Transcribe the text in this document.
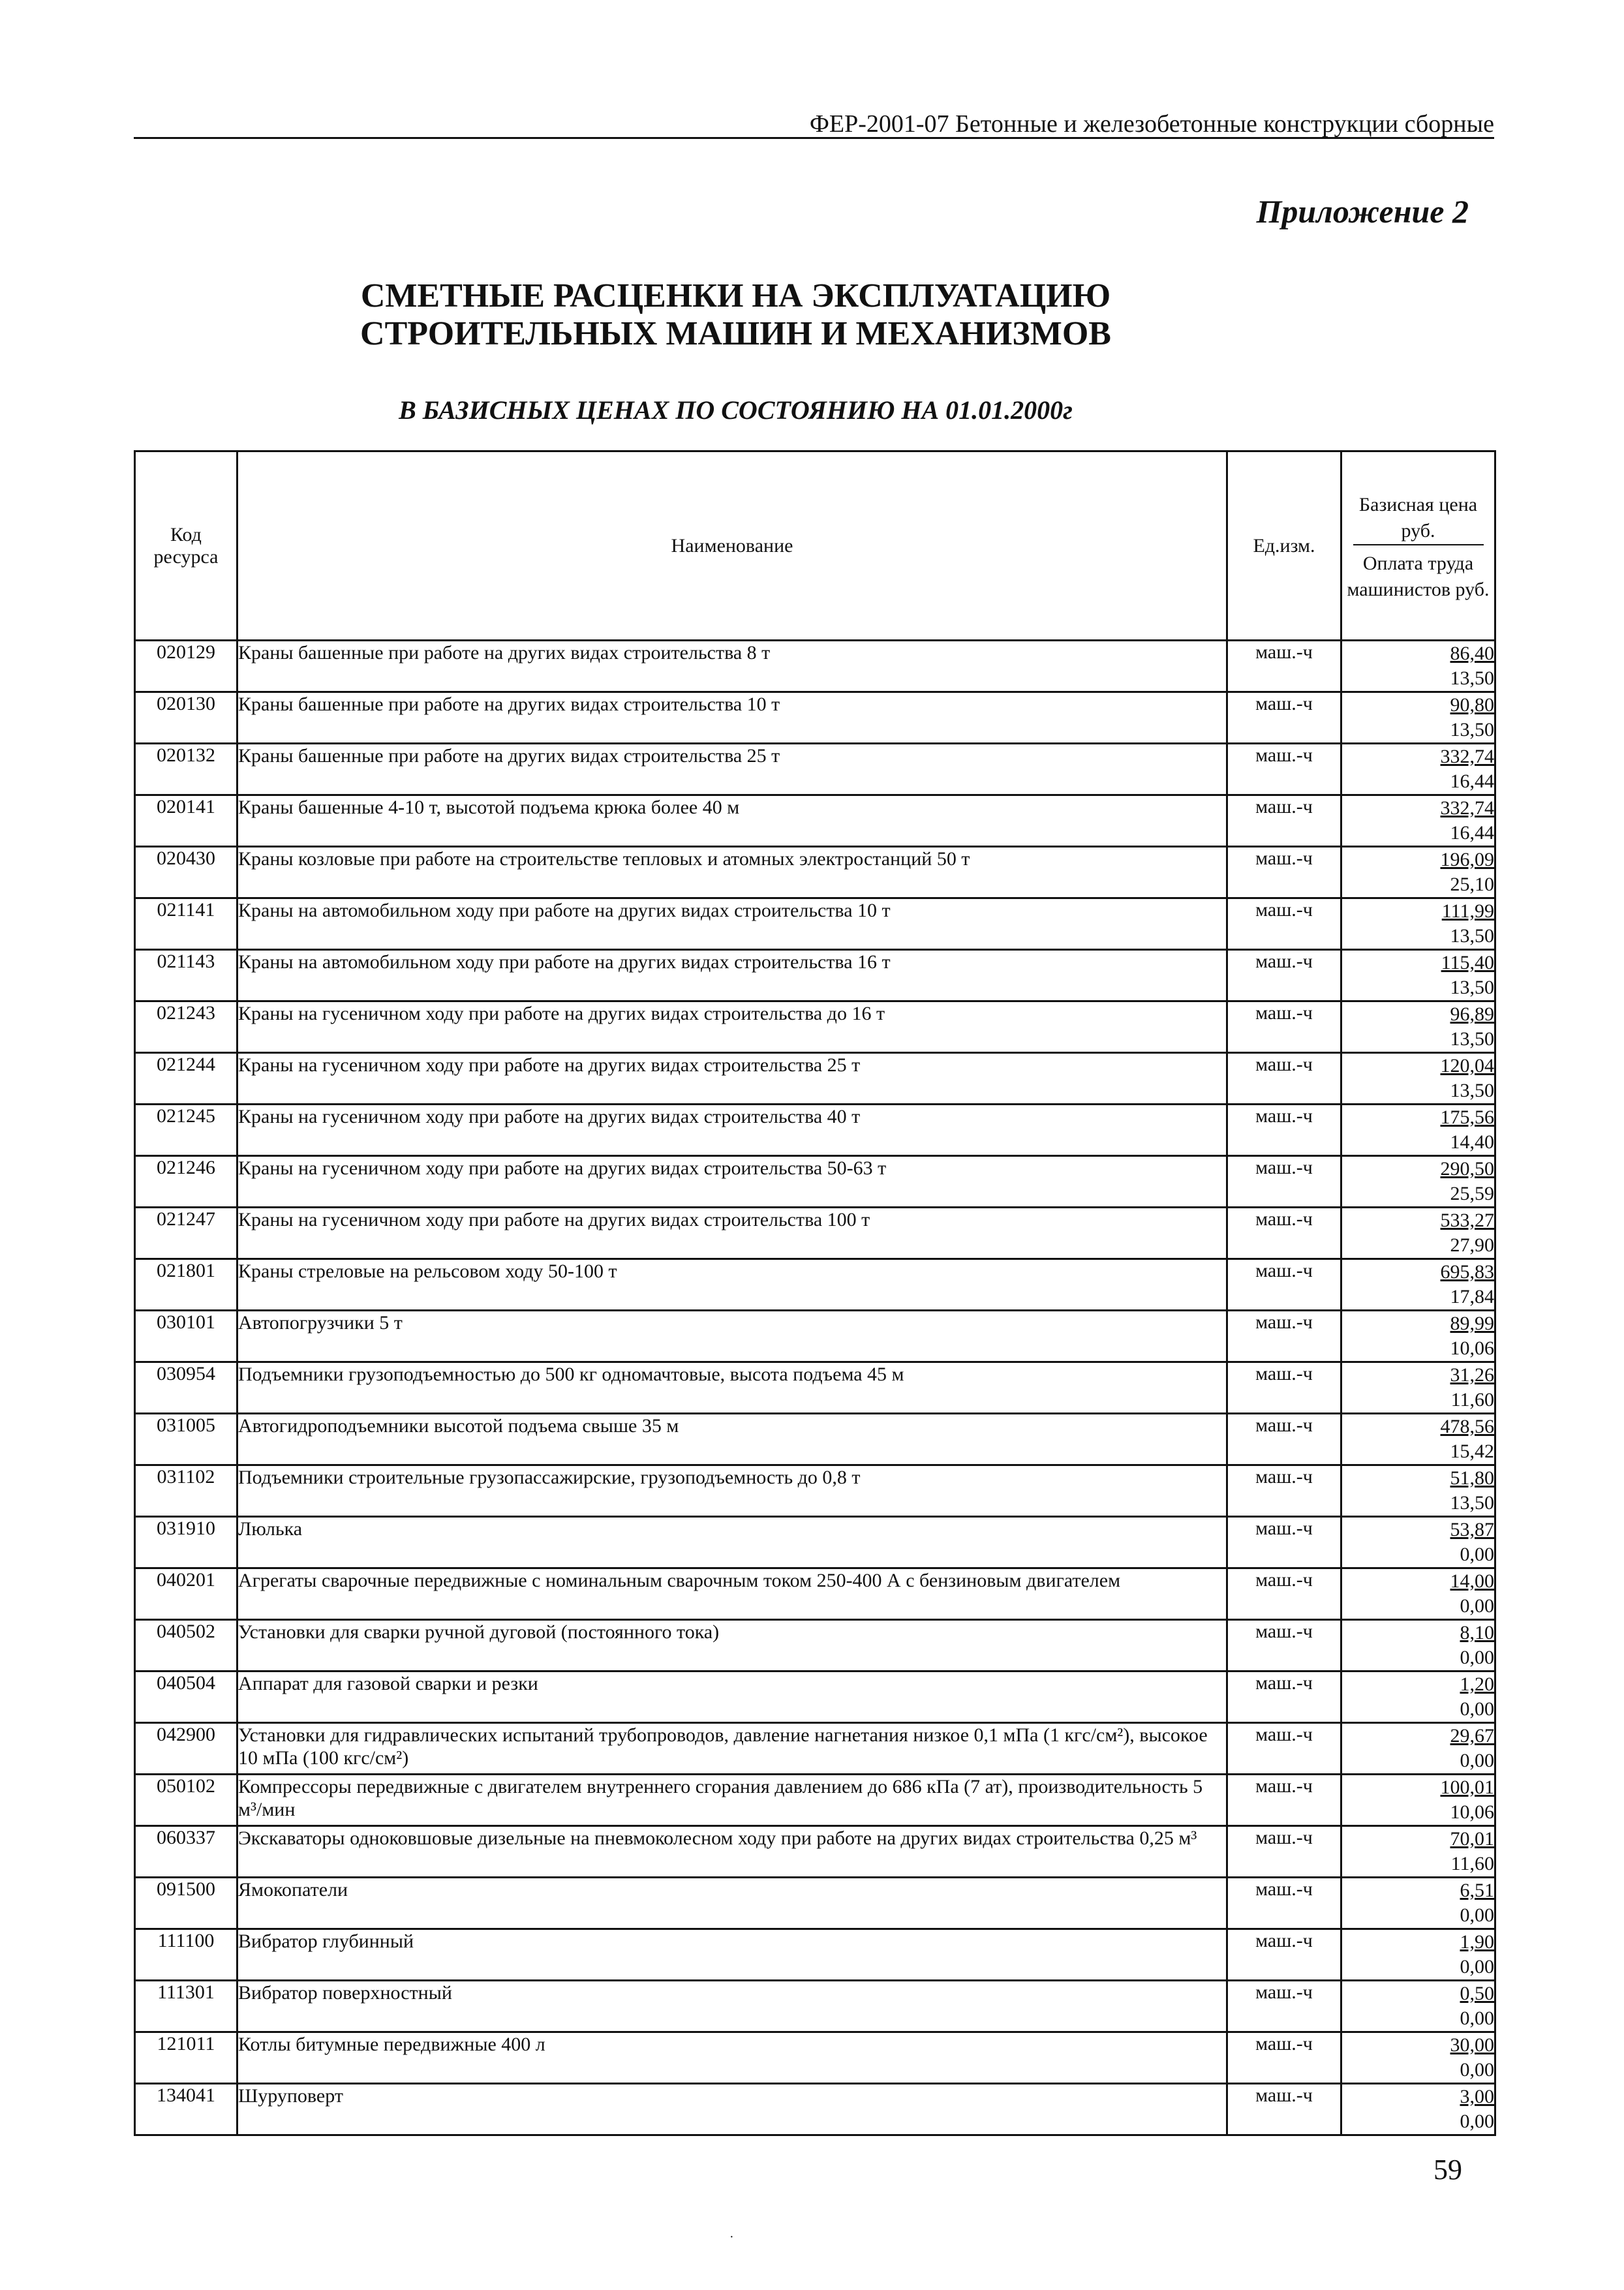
ФЕР-2001-07 Бетонные и железобетонные конструкции сборные
Приложение 2
СМЕТНЫЕ РАСЦЕНКИ НА ЭКСПЛУАТАЦИЮ
СТРОИТЕЛЬНЫХ МАШИН И МЕХАНИЗМОВ
В БАЗИСНЫХ ЦЕНАХ ПО СОСТОЯНИЮ НА 01.01.2000г
Код ресурса	Наименование	Ед.изм.	Базисная цена руб.
Оплата труда машинистов руб.

020129	Краны башенные при работе на других видах строительства 8 т	маш.-ч	86,40
13,50

020130	Краны башенные при работе на других видах строительства 10 т	маш.-ч	90,80
13,50

020132	Краны башенные при работе на других видах строительства 25 т	маш.-ч	332,74
16,44

020141	Краны башенные 4-10 т, высотой подъема крюка более 40 м	маш.-ч	332,74
16,44

020430	Краны козловые при работе на строительстве тепловых и атомных электростанций 50 т	маш.-ч	196,09
25,10

021141	Краны на автомобильном ходу при работе на других видах строительства 10 т	маш.-ч	111,99
13,50

021143	Краны на автомобильном ходу при работе на других видах строительства 16 т	маш.-ч	115,40
13,50

021243	Краны на гусеничном ходу при работе на других видах строительства до 16 т	маш.-ч	96,89
13,50

021244	Краны на гусеничном ходу при работе на других видах строительства 25 т	маш.-ч	120,04
13,50

021245	Краны на гусеничном ходу при работе на других видах строительства 40 т	маш.-ч	175,56
14,40

021246	Краны на гусеничном ходу при работе на других видах строительства 50-63 т	маш.-ч	290,50
25,59

021247	Краны на гусеничном ходу при работе на других видах строительства 100 т	маш.-ч	533,27
27,90

021801	Краны стреловые на рельсовом ходу 50-100 т	маш.-ч	695,83
17,84

030101	Автопогрузчики 5 т	маш.-ч	89,99
10,06

030954	Подъемники грузоподъемностью до 500 кг одномачтовые, высота подъема 45 м	маш.-ч	31,26
11,60

031005	Автогидроподъемники высотой подъема свыше 35 м	маш.-ч	478,56
15,42

031102	Подъемники строительные грузопассажирские, грузоподъемность до 0,8 т	маш.-ч	51,80
13,50

031910	Люлька	маш.-ч	53,87
0,00

040201	Агрегаты сварочные передвижные с номинальным сварочным током 250-400 А с бензиновым двигателем	маш.-ч	14,00
0,00

040502	Установки для сварки ручной дуговой (постоянного тока)	маш.-ч	8,10
0,00

040504	Аппарат для газовой сварки и резки	маш.-ч	1,20
0,00

042900	Установки для гидравлических испытаний трубопроводов, давление нагнетания низкое 0,1 мПа (1 кгс/см²), высокое 10 мПа (100 кгс/см²)	маш.-ч	29,67
0,00

050102	Компрессоры передвижные с двигателем внутреннего сгорания давлением до 686 кПа (7 ат), производительность 5 м³/мин	маш.-ч	100,01
10,06

060337	Экскаваторы одноковшовые дизельные на пневмоколесном ходу при работе на других видах строительства 0,25 м³	маш.-ч	70,01
11,60

091500	Ямокопатели	маш.-ч	6,51
0,00

111100	Вибратор глубинный	маш.-ч	1,90
0,00

111301	Вибратор поверхностный	маш.-ч	0,50
0,00

121011	Котлы битумные передвижные 400 л	маш.-ч	30,00
0,00

134041	Шуруповерт	маш.-ч	3,00
0,00
59
·
